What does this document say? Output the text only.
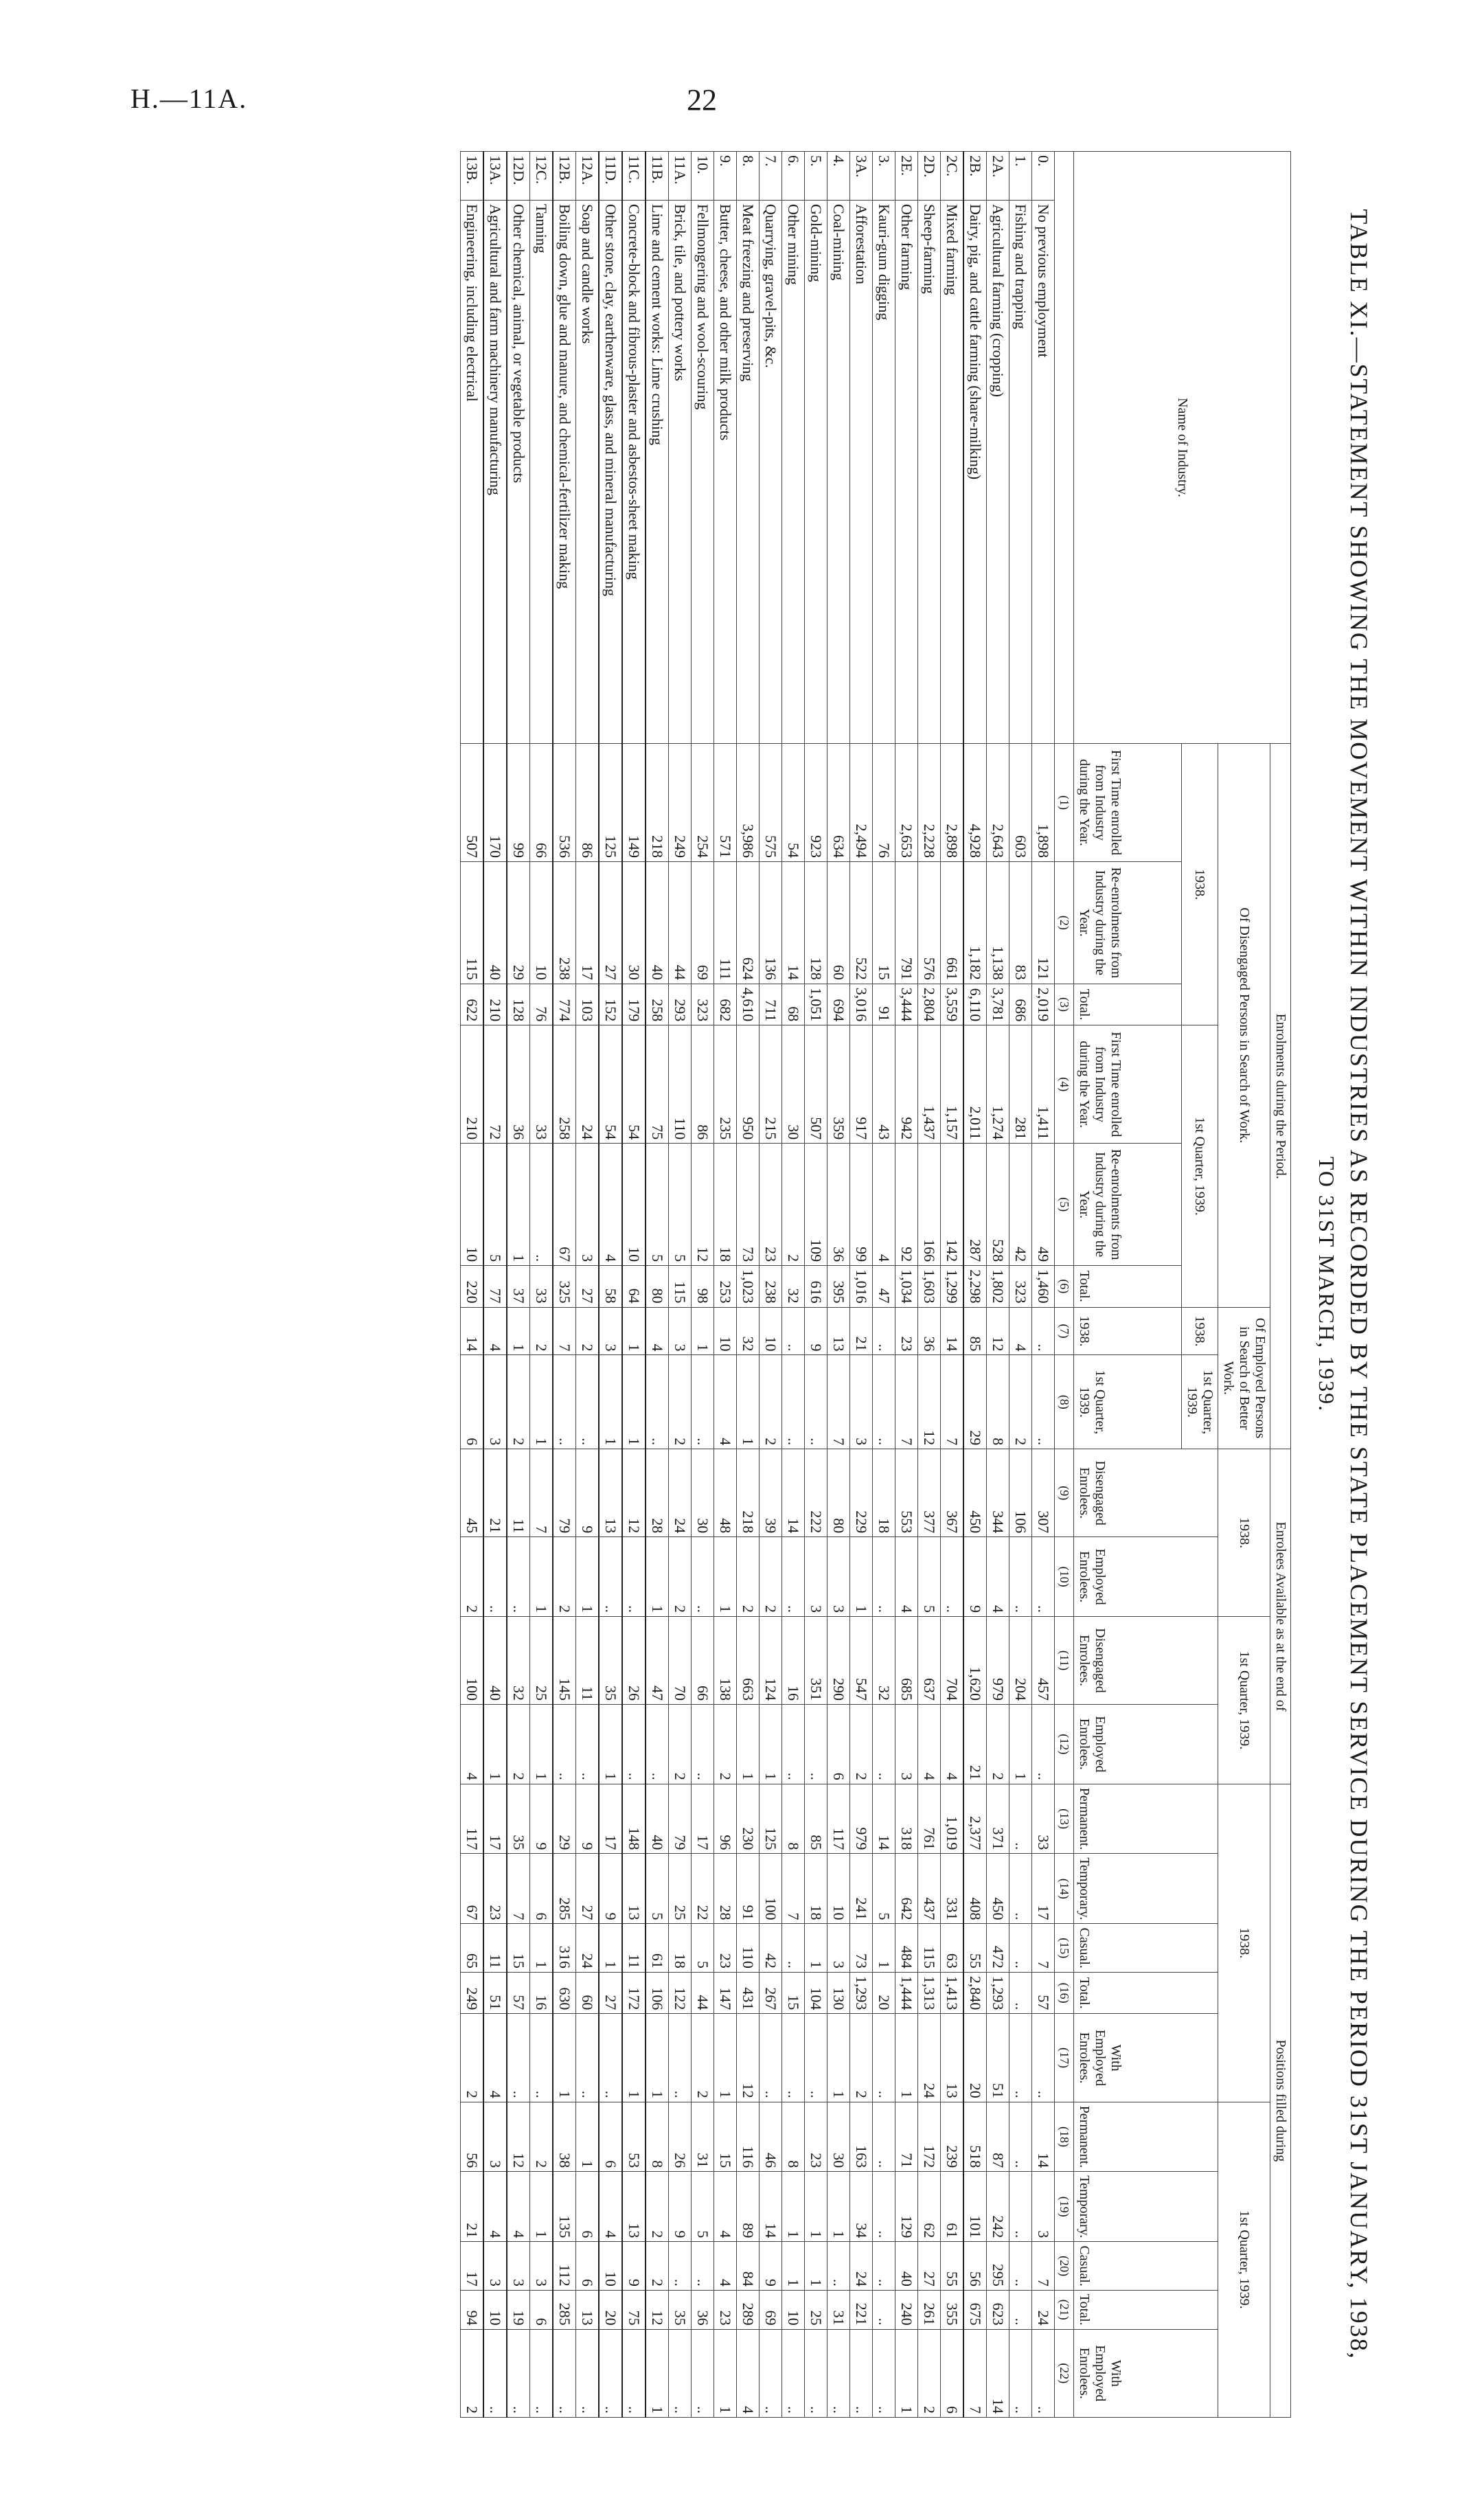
H.—11A.	22
TABLE XI.—STATEMENT SHOWING THE MOVEMENT WITHIN INDUSTRIES AS RECORDED BY THE STATE PLACEMENT SERVICE DURING THE PERIOD 31ST JANUARY, 1938,
TO 31ST MARCH, 1939.
Name of Industry.		Enrolments during the Period.								Enrolees Available as at the end of				Positions filled during									
		Of Disengaged Persons in Search of Work.						Of Employed Persons in Search of Better Work.		1938.		1st Quarter, 1939.		1938.					1st Quarter, 1939.				
		1938.			1st Quarter, 1939.			1938.	1st Quarter, 1939.	Disengaged Enrolees.	Employed Enrolees.	Disengaged Enrolees.	Employed Enrolees.	Permanent.	Temporary.	Casual.	Total.	With Employed Enrolees.	Permanent.	Temporary.	Casual.	Total.	With Employed Enrolees.
		First Time enrolled from Industry during the Year.	Re-enrolments from Industry during the Year.	Total.	First Time enrolled from Industry during the Year.	Re-enrolments from Industry during the Year.	Total.	1938.	1st Quarter, 1939.														
		(1)	(2)	(3)	(4)	(5)	(6)	(7)	(8)	(9)	(10)	(11)	(12)	(13)	(14)	(15)	(16)	(17)	(18)	(19)	(20)	(21)	(22)
0.	No previous employment	1,898	121	2,019	1,411	49	1,460	..	..	307	..	457	..	33	17	7	57	..	14	3	7	24	..
1.	Fishing and trapping	603	83	686	281	42	323	4	2	106	..	204	1	..	..	..	..	..	..	..	..	..	..
2A.	Agricultural farming (cropping)	2,643	1,138	3,781	1,274	528	1,802	12	8	344	4	979	2	371	450	472	1,293	51	87	242	295	623	14
2B.	Dairy, pig, and cattle farming (share-milking)	4,928	1,182	6,110	2,011	287	2,298	85	29	450	9	1,620	21	2,377	408	55	2,840	20	518	101	56	675	7
2C.	Mixed farming	2,898	661	3,559	1,157	142	1,299	14	7	367	..	704	4	1,019	331	63	1,413	13	239	61	55	355	6
2D.	Sheep-farming	2,228	576	2,804	1,437	166	1,603	36	12	377	5	637	4	761	437	115	1,313	24	172	62	27	261	2
2E.	Other farming	2,653	791	3,444	942	92	1,034	23	7	553	4	685	3	318	642	484	1,444	1	71	129	40	240	1
3.	Kauri-gum digging	76	15	91	43	4	47	..	..	18	..	32	..	14	5	1	20	..	..	..	..	..	..
3A.	Afforestation	2,494	522	3,016	917	99	1,016	21	3	229	1	547	2	979	241	73	1,293	2	163	34	24	221	..
4.	Coal-mining	634	60	694	359	36	395	13	7	80	3	290	6	117	10	3	130	1	30	1	..	31	..
5.	Gold-mining	923	128	1,051	507	109	616	9	..	222	3	351	..	85	18	1	104	..	23	1	1	25	..
6.	Other mining	54	14	68	30	2	32	..	..	14	..	16	..	8	7	..	15	..	8	1	1	10	..
7.	Quarrying, gravel-pits, &c.	575	136	711	215	23	238	10	2	39	2	124	1	125	100	42	267	..	46	14	9	69	..
8.	Meat freezing and preserving	3,986	624	4,610	950	73	1,023	32	1	218	2	663	1	230	91	110	431	12	116	89	84	289	4
9.	Butter, cheese, and other milk products	571	111	682	235	18	253	10	4	48	1	138	2	96	28	23	147	1	15	4	4	23	1
10.	Fellmongering and wool-scouring	254	69	323	86	12	98	1	..	30	..	66	..	17	22	5	44	2	31	5	..	36	..
11A.	Brick, tile, and pottery works	249	44	293	110	5	115	3	2	24	2	70	2	79	25	18	122	..	26	9	..	35	..
11B.	Lime and cement works: Lime crushing	218	40	258	75	5	80	4	..	28	1	47	..	40	5	61	106	1	8	2	2	12	1
11C.	Concrete-block and fibrous-plaster and asbestos-sheet making	149	30	179	54	10	64	1	1	12	..	26	..	148	13	11	172	1	53	13	9	75	..
11D.	Other stone, clay, earthenware, glass, and mineral manufacturing	125	27	152	54	4	58	3	1	13	..	35	1	17	9	1	27	..	6	4	10	20	..
12A.	Soap and candle works	86	17	103	24	3	27	2	..	9	1	11	..	9	27	24	60	..	1	6	6	13	..
12B.	Boiling down, glue and manure, and chemical-fertilizer making	536	238	774	258	67	325	7	..	79	2	145	..	29	285	316	630	1	38	135	112	285	..
12C.	Tanning	66	10	76	33	..	33	2	1	7	1	25	1	9	6	1	16	..	2	1	3	6	..
12D.	Other chemical, animal, or vegetable products	99	29	128	36	1	37	1	2	11	..	32	2	35	7	15	57	..	12	4	3	19	..
13A.	Agricultural and farm machinery manufacturing	170	40	210	72	5	77	4	3	21	..	40	1	17	23	11	51	4	3	4	3	10	..
13B.	Engineering, including electrical	507	115	622	210	10	220	14	6	45	2	100	4	117	67	65	249	2	56	21	17	94	2
